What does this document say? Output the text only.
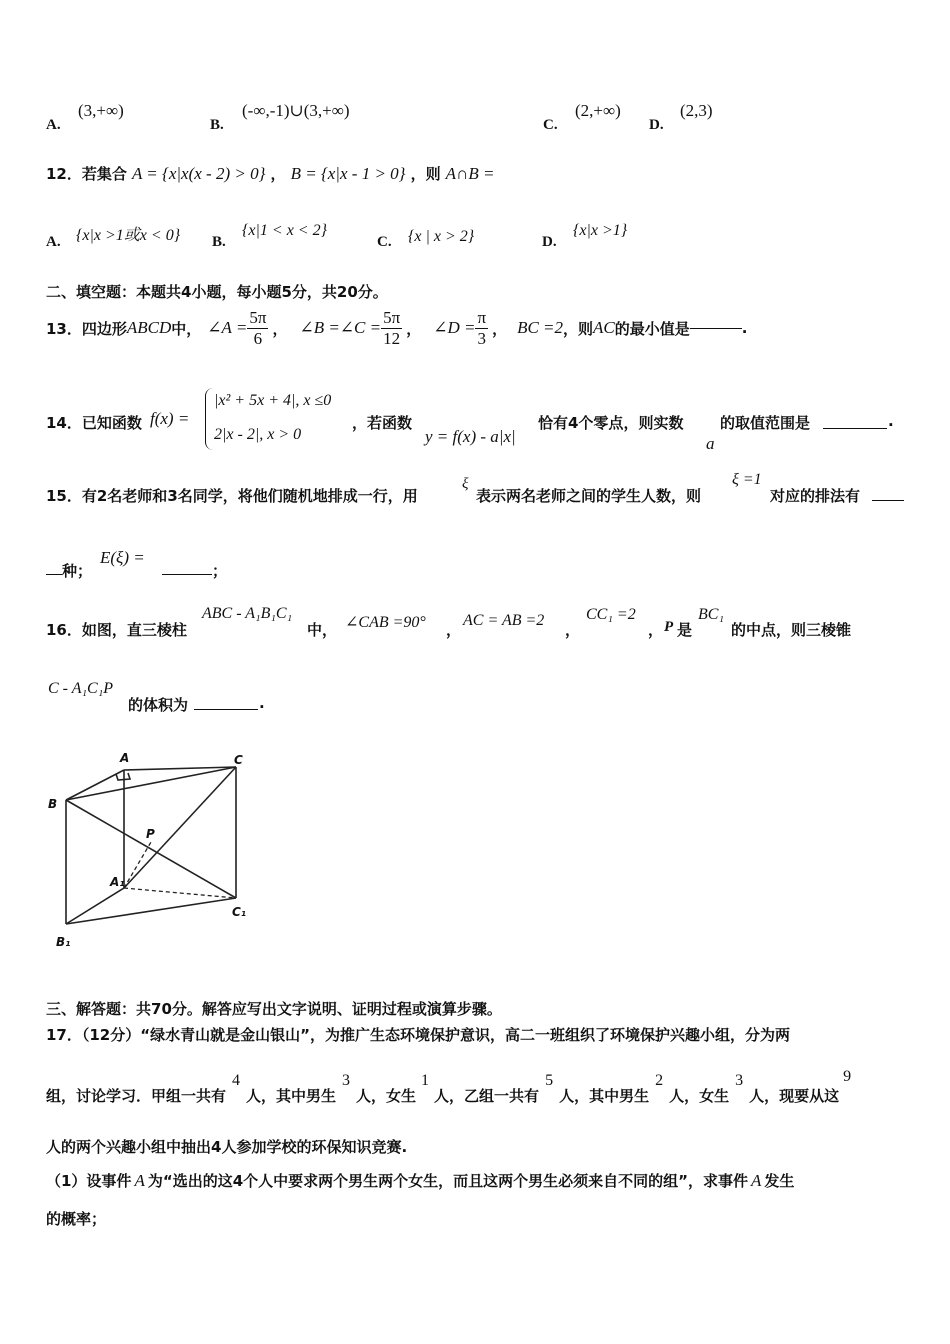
A.
(3,+∞)
B.
(-∞,-1)∪(3,+∞)
C.
(2,+∞)
D.
(2,3)
12．若集合 A = {x|x(x - 2) > 0} ， B = {x|x - 1 > 0} ，则 A∩B =
A. {x|x >1或x < 0} B.
{x|1 < x < 2}
C. {x | x > 2}	D.
{x|x >1}
二、填空题：本题共4小题，每小题5分，共20分。
13． 四边形 ABCD 中， ∠A = $\frac{5\pi}{6}$ ， ∠B =∠C = $\frac{5\pi}{12}$ ， ∠D = $\frac{\pi}{3}$ ， BC =2 ，则 AC 的最小值是	.
14．已知函数 f(x) =
|x² + 5x + 4|, x ≤0
2|x - 2|, x > 0
，若函数
y = f(x) - a|x|
恰有4个零点，则实数
a
的取值范围是	.
15．有2名老师和3名同学，将他们随机地排成一行，用
ξ
表示两名老师之间的学生人数，则
ξ =1
对应的排法有
种；
E(ξ) =
；
16．如图，直三棱柱
ABC - A₁B₁C₁
中， ∠CAB =90° ，
AC = AB =2
，
CC₁ =2
， P 是
BC₁
的中点，则三棱锥
C - A₁C₁P
的体积为	.
A	C
B
P
A₁
C₁
B₁
三、解答题：共70分。解答应写出文字说明、证明过程或演算步骤。
17．（12分）“绿水青山就是金山银山”，为推广生态环境保护意识，高二一班组织了环境保护兴趣小组，分为两
组，讨论学习．甲组一共有
4
人，其中男生
3
人，女生
1
人，乙组一共有
5
人，其中男生
2
人，女生
3
人，现要从这
9
人的两个兴趣小组中抽出4人参加学校的环保知识竞赛.
（1）设事件 A 为“选出的这4个人中要求两个男生两个女生，而且这两个男生必须来自不同的组”，求事件 A 发生
的概率；
